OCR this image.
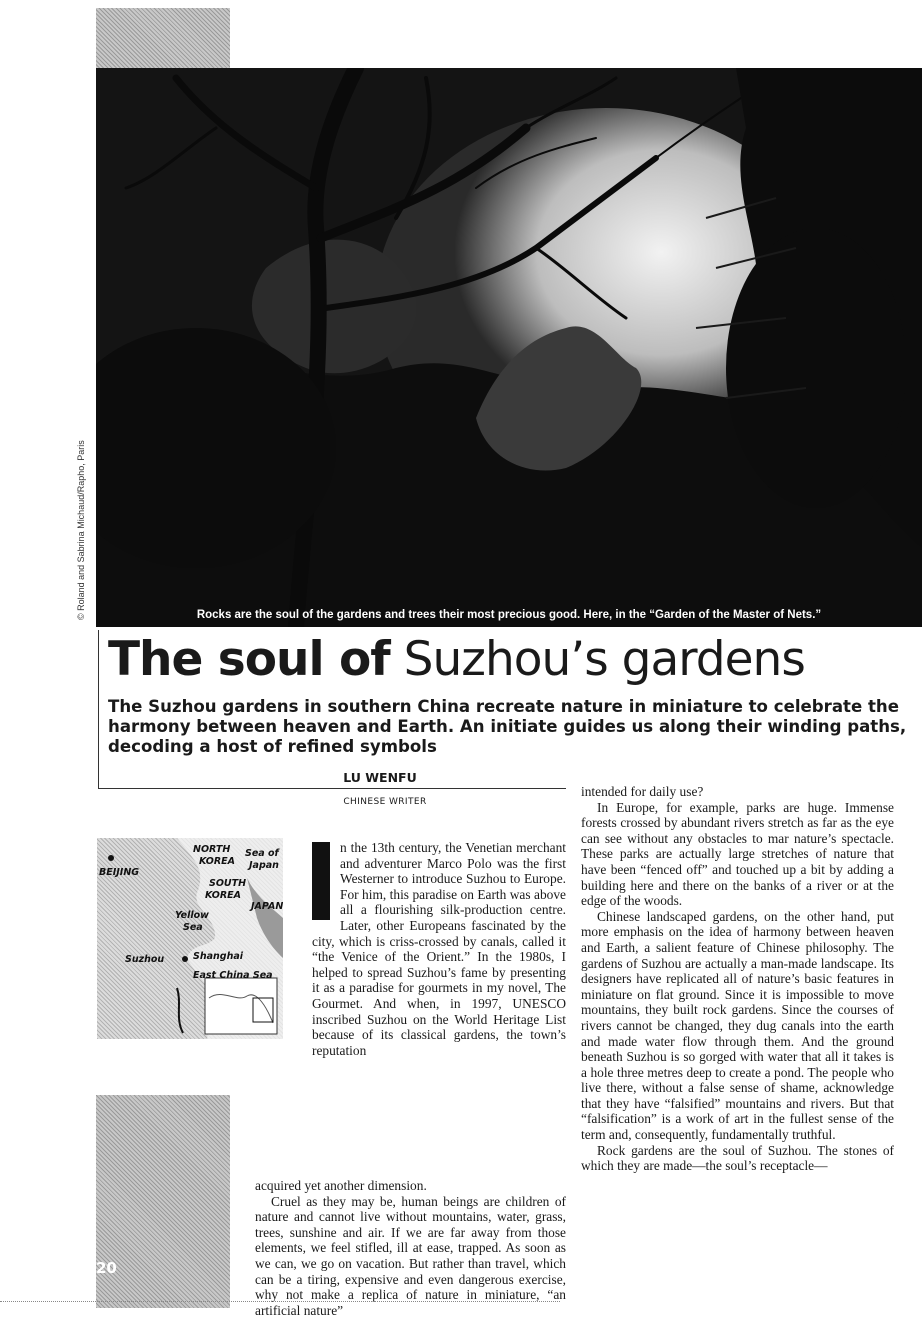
Rocks are the soul of the gardens and trees their most precious good. Here, in the “Garden of the Master of Nets.”
© Roland and Sabrina Michaud/Rapho, Paris
The soul of Suzhou’s gardens
The Suzhou gardens in southern China recreate nature in miniature to celebrate the harmony between heaven and Earth. An initiate guides us along their winding paths, decoding a host of refined symbols
LU WENFU
CHINESE WRITER
NORTH
KOREA
Sea of
Japan
BEIJING
SOUTH
KOREA
JAPAN
Yellow
Sea
Suzhou	Shanghai
East China Sea

n the 13th century, the Venetian merchant and adventurer Marco Polo was the first Westerner to introduce Suzhou to Europe. For him, this paradise on Earth was above all a flourishing silk-production centre. Later, other Europeans fascinated by the city, which is criss-crossed by canals, called it “the Venice of the Orient.” In the 1980s, I helped to spread Suzhou’s fame by presenting it as a paradise for gourmets in my novel, The Gourmet. And when, in 1997, UNESCO inscribed Suzhou on the World Heritage List because of its classical gardens, the town’s reputation

acquired yet another dimension.

Cruel as they may be, human beings are children of nature and cannot live without mountains, water, grass, trees, sunshine and air. If we are far away from those elements, we feel stifled, ill at ease, trapped. As soon as we can, we go on vacation. But rather than travel, which can be a tiring, expensive and even dangerous exercise, why not make a replica of nature in miniature, “an artificial nature”

intended for daily use?

In Europe, for example, parks are huge. Immense forests crossed by abundant rivers stretch as far as the eye can see without any obstacles to mar nature’s spectacle. These parks are actually large stretches of nature that have been “fenced off” and touched up a bit by adding a building here and there on the banks of a river or at the edge of the woods.

Chinese landscaped gardens, on the other hand, put more emphasis on the idea of harmony between heaven and Earth, a salient feature of Chinese philosophy. The gardens of Suzhou are actually a man-made landscape. Its designers have replicated all of nature’s basic features in miniature on flat ground. Since it is impossible to move mountains, they built rock gardens. Since the courses of rivers cannot be changed, they dug canals into the earth and made water flow through them. And the ground beneath Suzhou is so gorged with water that all it takes is a hole three metres deep to create a pond. The people who live there, without a false sense of shame, acknowledge that they have “falsified” mountains and rivers. But that “falsification” is a work of art in the fullest sense of the term and, consequently, fundamentally truthful.

Rock gardens are the soul of Suzhou. The stones of which they are made—the soul’s receptacle—

20
